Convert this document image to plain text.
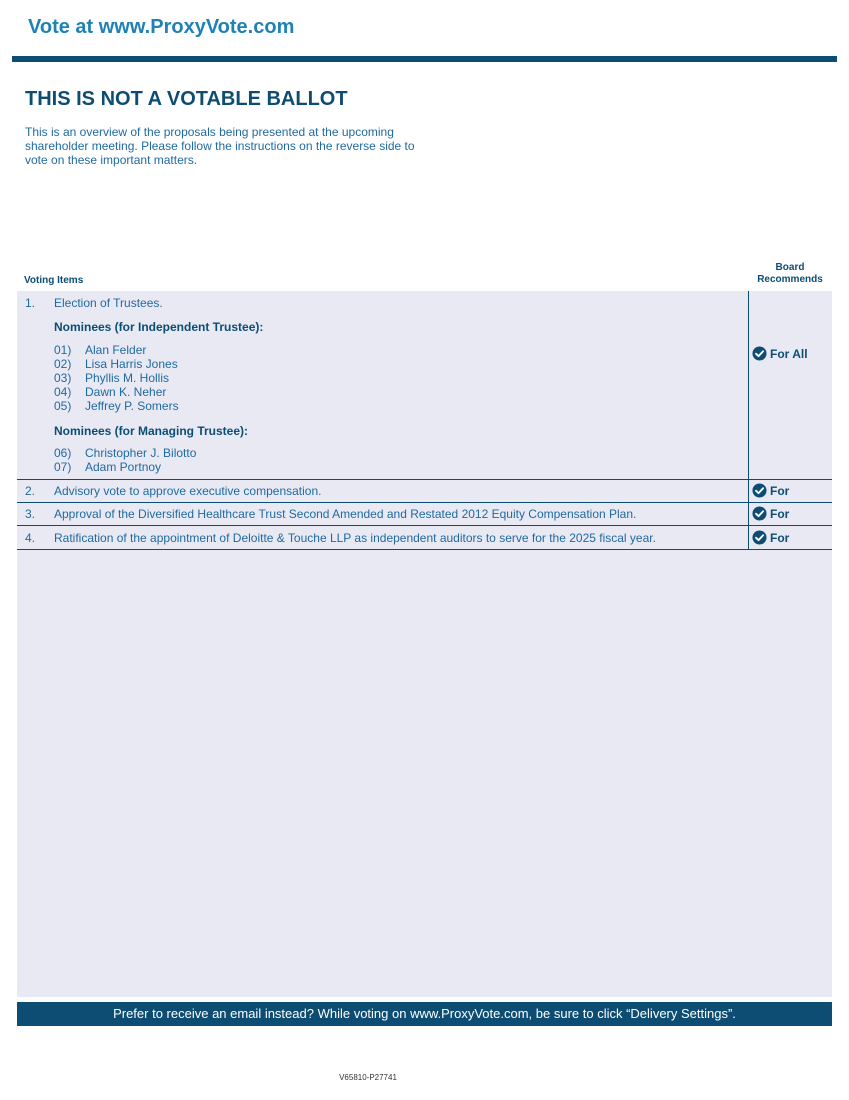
Vote at www.ProxyVote.com
THIS IS NOT A VOTABLE BALLOT
This is an overview of the proposals being presented at the upcoming shareholder meeting. Please follow the instructions on the reverse side to vote on these important matters.
Voting Items
Board
Recommends
1. Election of Trustees.
Nominees (for Independent Trustee):
01) Alan Felder
02) Lisa Harris Jones
03) Phyllis M. Hollis
04) Dawn K. Neher
05) Jeffrey P. Somers
Nominees (for Managing Trustee):
06) Christopher J. Bilotto
07) Adam Portnoy
For All
2. Advisory vote to approve executive compensation.	For
3. Approval of the Diversified Healthcare Trust Second Amended and Restated 2012 Equity Compensation Plan.	For
4. Ratification of the appointment of Deloitte & Touche LLP as independent auditors to serve for the 2025 fiscal year.	For
Prefer to receive an email instead? While voting on www.ProxyVote.com, be sure to click “Delivery Settings”.
V65810-P27741
